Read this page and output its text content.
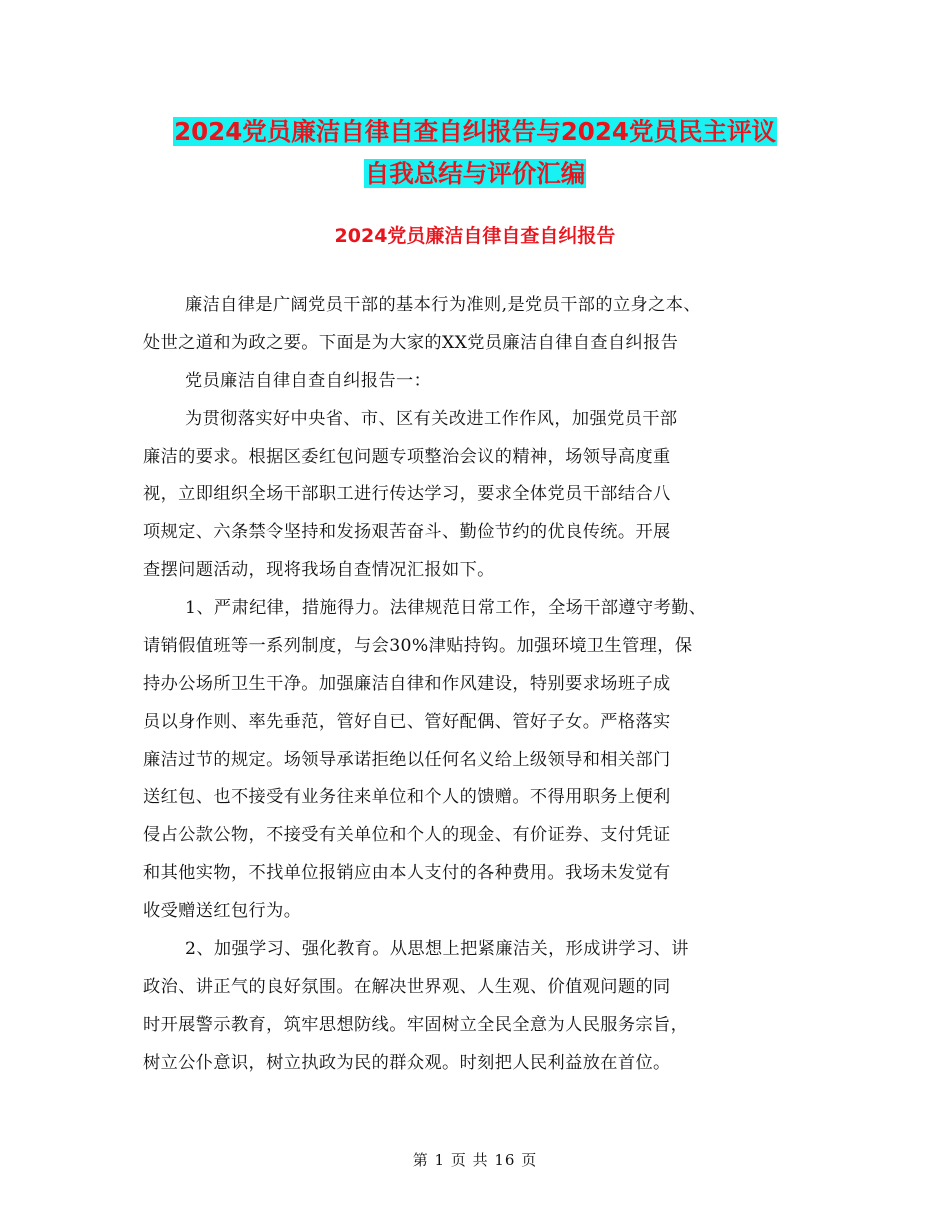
2024党员廉洁自律自查自纠报告与2024党员民主评议
自我总结与评价汇编
2024党员廉洁自律自查自纠报告
廉洁自律是广阔党员干部的基本行为准则,是党员干部的立身之本、
处世之道和为政之要。下面是为大家的XX党员廉洁自律自查自纠报告
党员廉洁自律自查自纠报告一：
为贯彻落实好中央省、市、区有关改进工作作风，加强党员干部
廉洁的要求。根据区委红包问题专项整治会议的精神，场领导高度重
视，立即组织全场干部职工进行传达学习，要求全体党员干部结合八
项规定、六条禁令坚持和发扬艰苦奋斗、勤俭节约的优良传统。开展
查摆问题活动，现将我场自查情况汇报如下。
1、严肃纪律，措施得力。法律规范日常工作，全场干部遵守考勤、
请销假值班等一系列制度，与会30%津贴持钩。加强环境卫生管理，保
持办公场所卫生干净。加强廉洁自律和作风建设，特别要求场班子成
员以身作则、率先垂范，管好自已、管好配偶、管好子女。严格落实
廉洁过节的规定。场领导承诺拒绝以任何名义给上级领导和相关部门
送红包、也不接受有业务往来单位和个人的馈赠。不得用职务上便利
侵占公款公物，不接受有关单位和个人的现金、有价证券、支付凭证
和其他实物，不找单位报销应由本人支付的各种费用。我场未发觉有
收受赠送红包行为。
2、加强学习、强化教育。从思想上把紧廉洁关，形成讲学习、讲
政治、讲正气的良好氛围。在解决世界观、人生观、价值观问题的同
时开展警示教育，筑牢思想防线。牢固树立全民全意为人民服务宗旨，
树立公仆意识，树立执政为民的群众观。时刻把人民利益放在首位。
第 1 页 共 16 页
